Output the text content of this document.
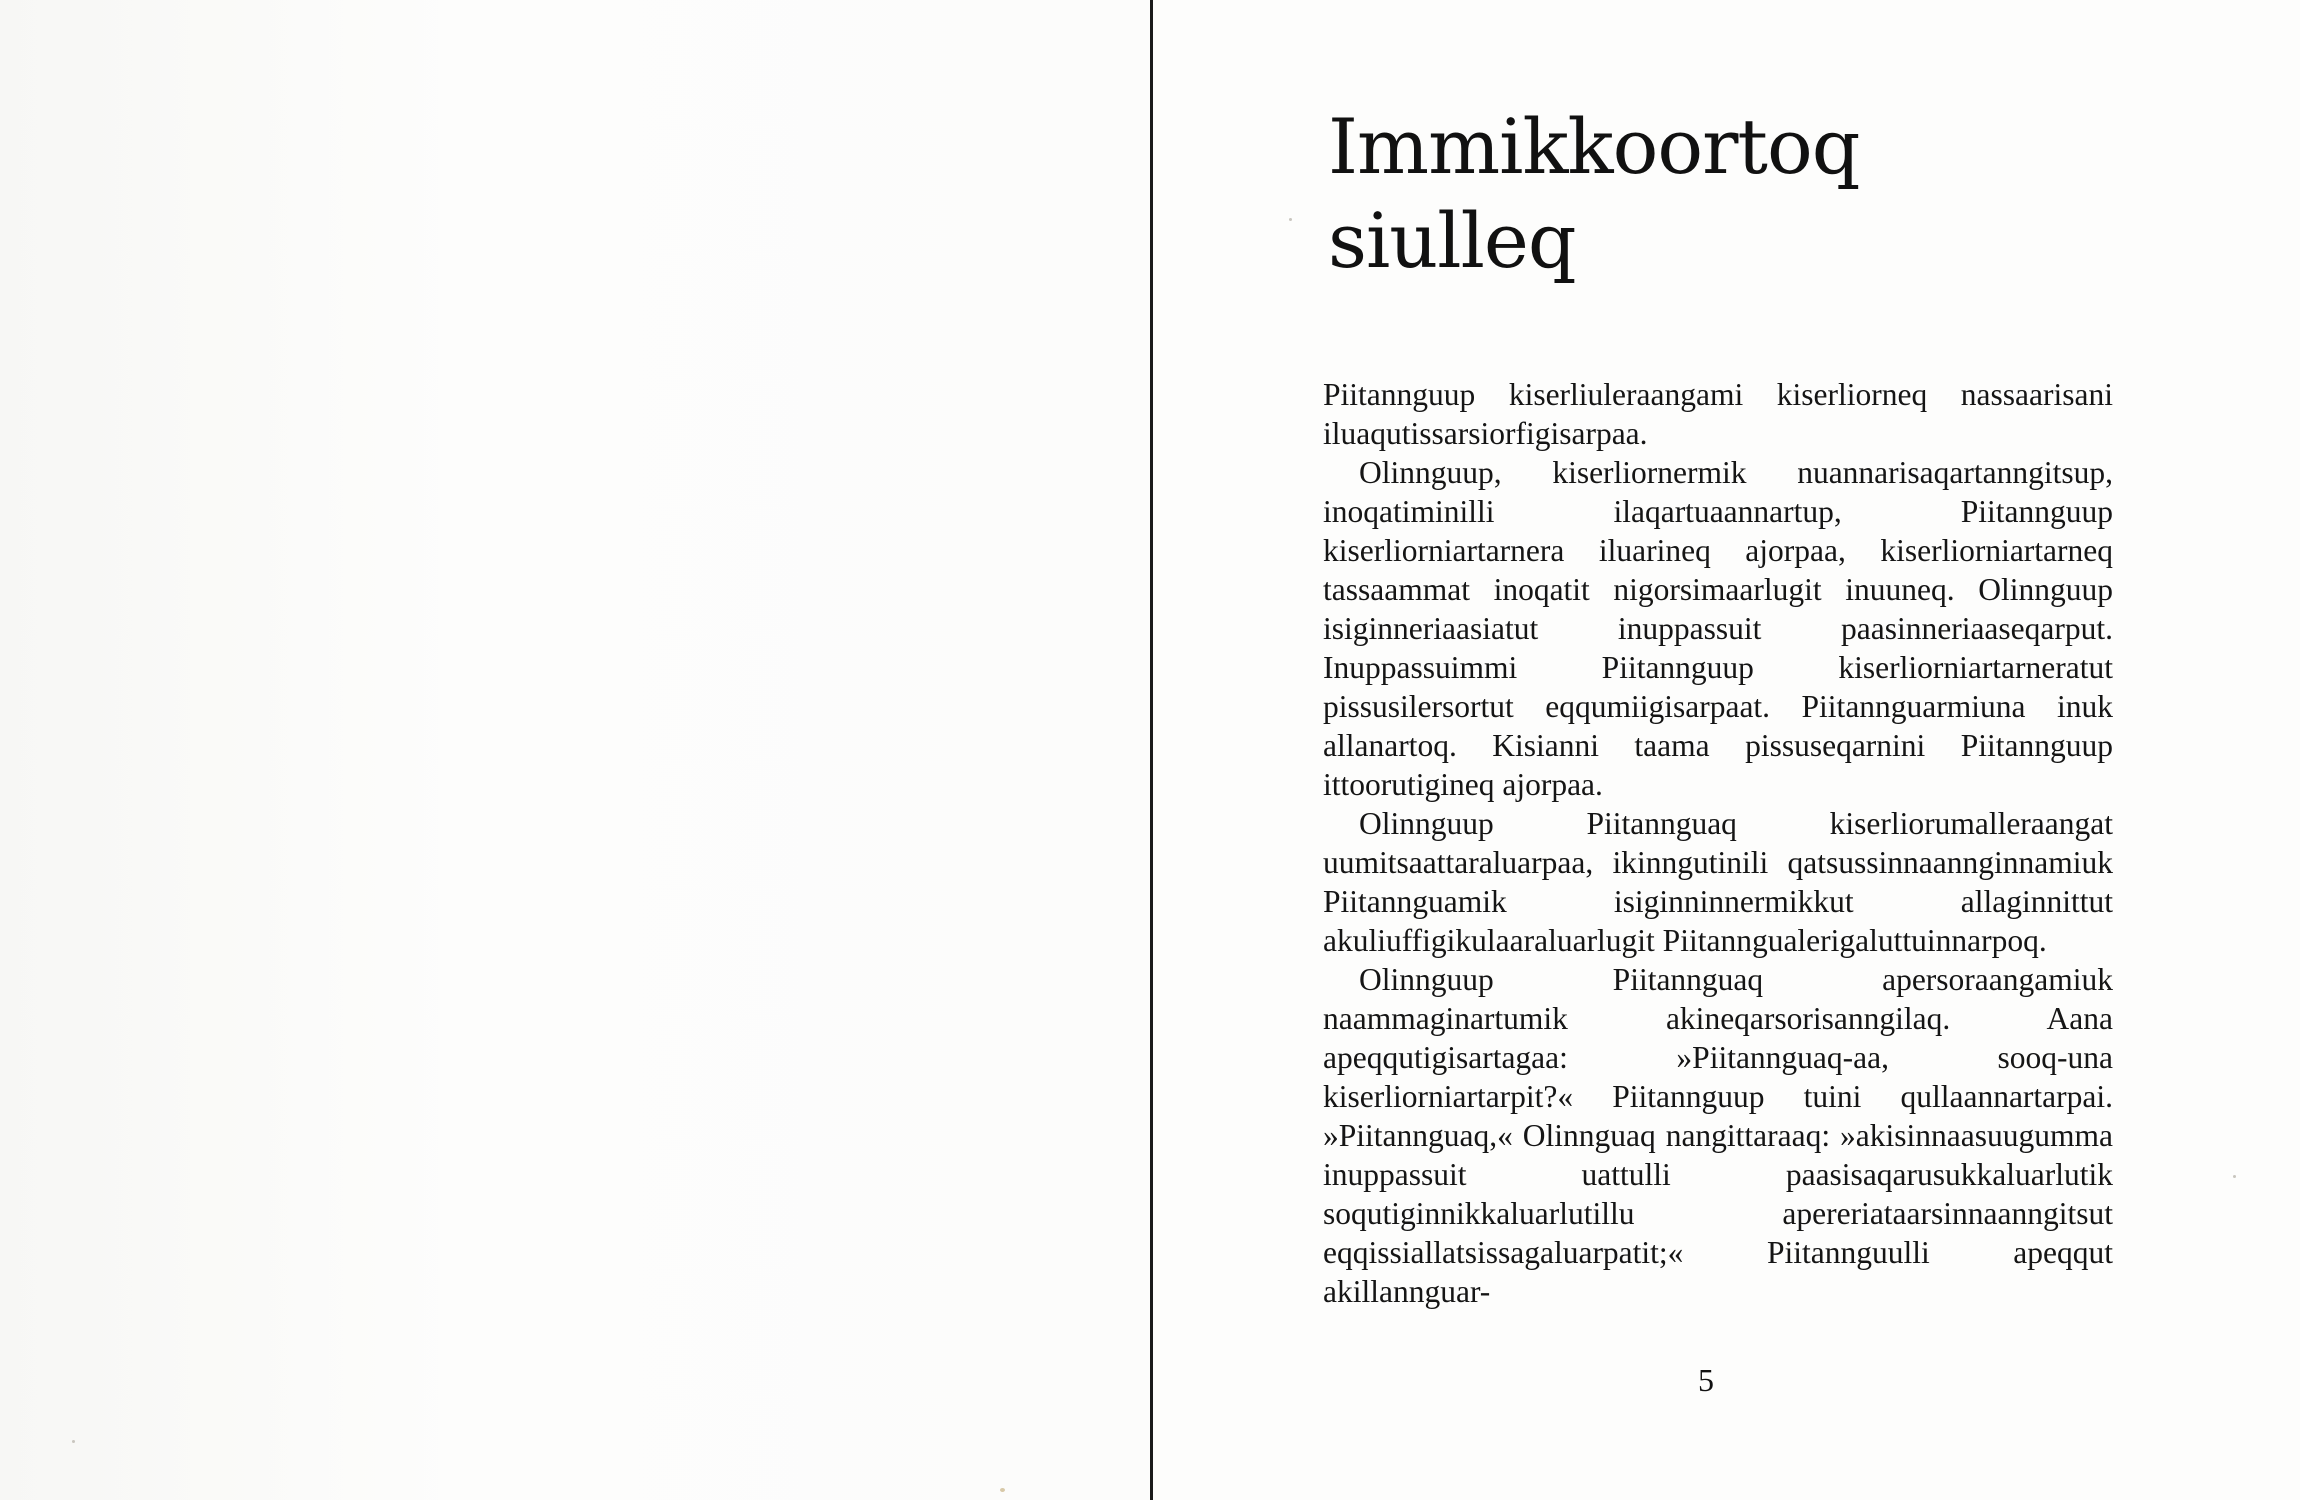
Immikkoortoq
siulleq

Piitannguup kiserliuleraangami kiserliorneq nassaarisani iluaqutissarsiorfigisarpaa.

Olinnguup, kiserliornermik nuannarisaqartanngitsup, inoqatiminilli ilaqartuaannartup, Piitannguup kiserliorniartarnera iluarineq ajorpaa, kiserliorniartarneq tassaammat inoqatit nigorsimaarlugit inuuneq. Olinnguup isiginneriaasiatut inuppassuit paasinneriaaseqarput. Inuppassuimmi Piitannguup kiserliorniartarneratut pissusilersortut eqqumiigisarpaat. Piitannguarmiuna inuk allanartoq. Kisianni taama pissuseqarnini Piitannguup ittoorutigineq ajorpaa.

Olinnguup Piitannguaq kiserliorumalleraangat uumitsaattaraluarpaa, ikinngutinili qatsussinnaannginnamiuk Piitannguamik isiginninnermikkut allaginnittut akuliuffigikulaaraluarlugit Piitanngualerigaluttuinnarpoq.

Olinnguup Piitannguaq apersoraangamiuk naammaginartumik akineqarsorisanngilaq. Aana apeqqutigisartagaa: »Piitannguaq-aa, sooq-una kiserliorniartarpit?« Piitannguup tuini qullaannartarpai. »Piitannguaq,« Olinnguaq nangittaraaq: »akisinnaasuugumma inuppassuit uattulli paasisaqarusukkaluarlutik soqutiginnikkaluarlutillu apereriataarsinnaanngitsut eqqissiallatsissagaluarpatit;« Piitannguulli apeqqut akillannguar-

5
